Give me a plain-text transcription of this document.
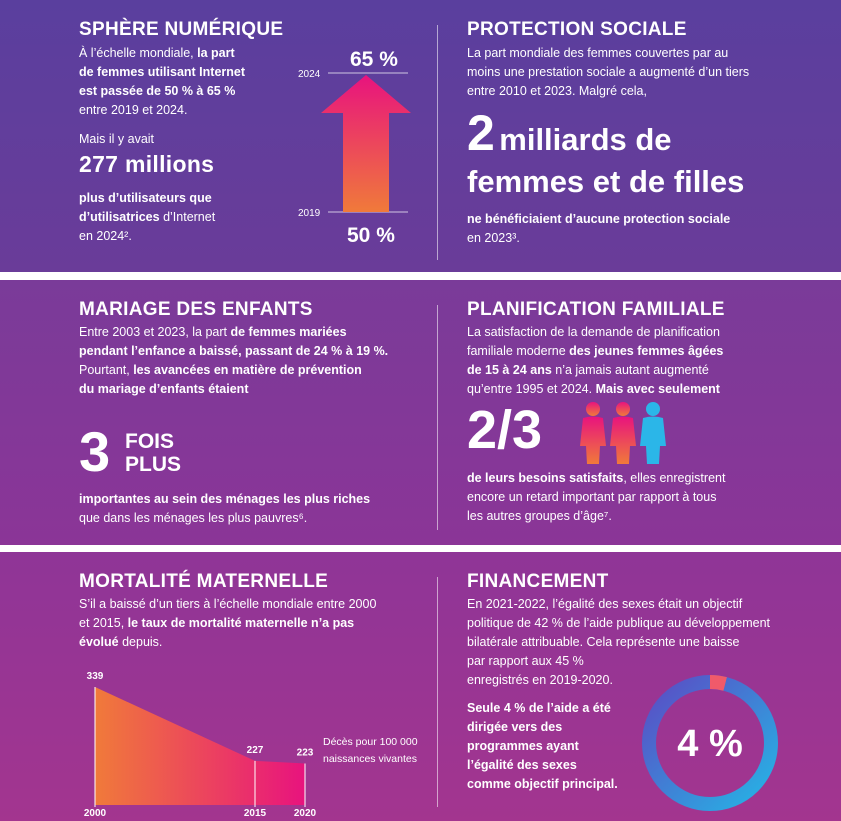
SPHÈRE NUMÉRIQUE
À l’échelle mondiale, la part
de femmes utilisant Internet
est passée de 50 % à 65 %
entre 2019 et 2024.
Mais il y avait
277 millions
plus d’utilisateurs que
d’utilisatrices d’Internet
en 2024².
2024
65 %
2019
50 %
PROTECTION SOCIALE
La part mondiale des femmes couvertes par au
moins une prestation sociale a augmenté d’un tiers
entre 2010 et 2023. Malgré cela,
2 milliards de
femmes et de filles
ne bénéficiaient d’aucune protection sociale
en 2023³.
MARIAGE DES ENFANTS
Entre 2003 et 2023, la part de femmes mariées
pendant l’enfance a baissé, passant de 24 % à 19 %.
Pourtant, les avancées en matière de prévention
du mariage d’enfants étaient
3 FOIS
PLUS
importantes au sein des ménages les plus riches
que dans les ménages les plus pauvres⁶.
PLANIFICATION FAMILIALE
La satisfaction de la demande de planification
familiale moderne des jeunes femmes âgées
de 15 à 24 ans n’a jamais autant augmenté
qu’entre 1995 et 2024. Mais avec seulement
2/3
de leurs besoins satisfaits, elles enregistrent
encore un retard important par rapport à tous
les autres groupes d’âge⁷.
MORTALITÉ MATERNELLE
S’il a baissé d’un tiers à l’échelle mondiale entre 2000
et 2015, le taux de mortalité maternelle n’a pas
évolué depuis.
339
2000
227
2015
223
2020
Décès pour 100 000
naissances vivantes
FINANCEMENT
En 2021-2022, l’égalité des sexes était un objectif
politique de 42 % de l’aide publique au développement
bilatérale attribuable. Cela représente une baisse
par rapport aux 45 %
enregistrés en 2019-2020.
Seule 4 % de l’aide a été
dirigée vers des
programmes ayant
l’égalité des sexes
comme objectif principal.
4 %
